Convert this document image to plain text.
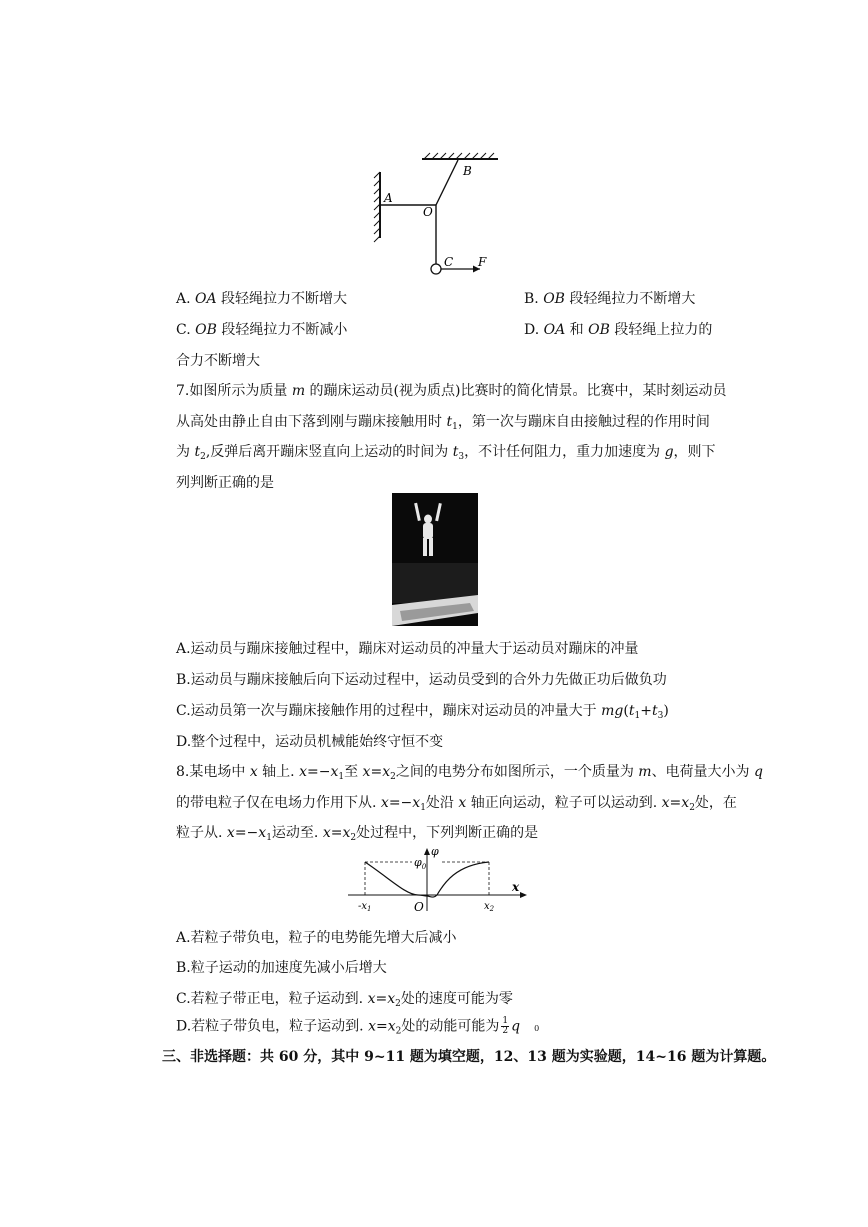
A
B
O
C F
A. OA 段轻绳拉力不断增大	B. OB 段轻绳拉力不断增大
C. OB 段轻绳拉力不断减小	D. OA 和 OB 段轻绳上拉力的
合力不断增大
7.如图所示为质量 m 的蹦床运动员(视为质点)比赛时的简化情景。比赛中，某时刻运动员
从高处由静止自由下落到刚与蹦床接触用时 $t_1$，第一次与蹦床自由接触过程的作用时间
为 $t_2$,反弹后离开蹦床竖直向上运动的时间为 $t_3$，不计任何阻力，重力加速度为 g，则下
列判断正确的是
A.运动员与蹦床接触过程中，蹦床对运动员的冲量大于运动员对蹦床的冲量
B.运动员与蹦床接触后向下运动过程中，运动员受到的合外力先做正功后做负功
C.运动员第一次与蹦床接触作用的过程中，蹦床对运动员的冲量大于 $mg(t_1+t_3)$
D.整个过程中，运动员机械能始终守恒不变
8.某电场中 x 轴上. $x=-x_1$至 $x=x_2$之间的电势分布如图所示，一个质量为 m、电荷量大小为 q
的带电粒子仅在电场力作用下从. $x=-x_1$处沿 x 轴正向运动，粒子可以运动到. $x=x_2$处，在
粒子从. $x=-x_1$运动至. $x=x_2$处过程中，下列判断正确的是
φ
$\varphi_0$
x
$-x_1$	O	$x_2$
A.若粒子带负电，粒子的电势能先增大后减小
B.粒子运动的加速度先减小后增大
C.若粒子带正电，粒子运动到. $x=x_2$处的速度可能为零
D.若粒子带负电，粒子运动到. $x=x_2$处的动能可能为 $\frac{1}{2}$ q 0
三、非选择题：共 60 分，其中 9~11 题为填空题，12、13 题为实验题，14~16 题为计算题。
